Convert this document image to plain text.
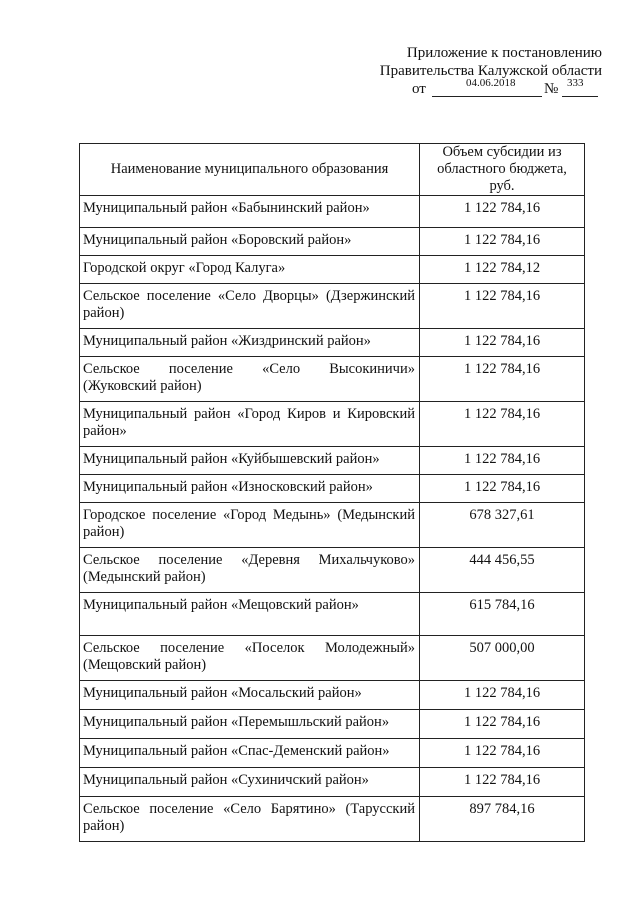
Приложение к постановлению
Правительства Калужской области
от	04.06.2018 № 333
Наименование муниципального образования	Объем субсидии из областного бюджета, руб.
Муниципальный район «Бабынинский район»	1 122 784,16
Муниципальный район «Боровский район»	1 122 784,16
Городской округ «Город Калуга»	1 122 784,12
Сельское поселение «Село Дворцы» (Дзержинский район)	1 122 784,16
Муниципальный район «Жиздринский район»	1 122 784,16
Сельское поселение «Село Высокиничи» (Жуковский район)	1 122 784,16
Муниципальный район «Город Киров и Кировский район»	1 122 784,16
Муниципальный район «Куйбышевский район»	1 122 784,16
Муниципальный район «Износковский район»	1 122 784,16
Городское поселение «Город Медынь» (Медынский район)	678 327,61
Сельское поселение «Деревня Михальчуково» (Медынский район)	444 456,55
Муниципальный район «Мещовский район»	615 784,16
Сельское поселение «Поселок Молодежный» (Мещовский район)	507 000,00
Муниципальный район «Мосальский район»	1 122 784,16
Муниципальный район «Перемышльский район»	1 122 784,16
Муниципальный район «Спас-Деменский район»	1 122 784,16
Муниципальный район «Сухиничский район»	1 122 784,16
Сельское поселение «Село Барятино» (Тарусский район)	897 784,16
